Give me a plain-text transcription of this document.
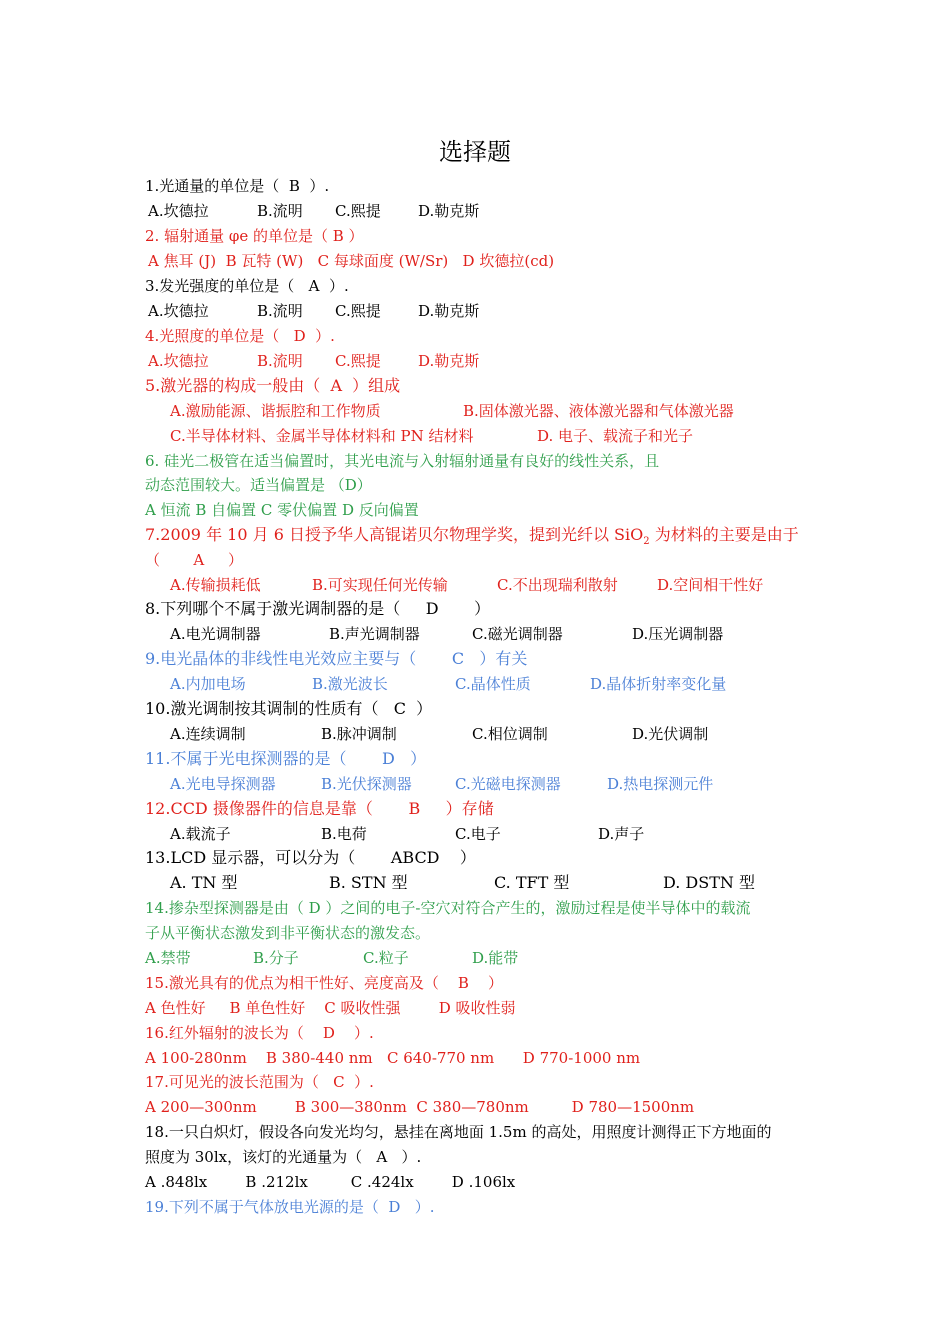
选择题
1.光通量的单位是（  B  ）.
A.坎德拉	B.流明 C.熙提 D.勒克斯
2. 辐射通量 φe 的单位是（ B ）
A 焦耳 (J)  B 瓦特 (W)   C 每球面度 (W/Sr)   D 坎德拉(cd)
3.发光强度的单位是（   A  ）.
A.坎德拉	B.流明 C.熙提 D.勒克斯
4.光照度的单位是（   D  ）.
A.坎德拉	B.流明 C.熙提 D.勒克斯
5.激光器的构成一般由（  A  ）组成
A.激励能源、谐振腔和工作物质	B.固体激光器、液体激光器和气体激光器
C.半导体材料、金属半导体材料和 PN 结材料	D. 电子、载流子和光子
6. 硅光二极管在适当偏置时，其光电流与入射辐射通量有良好的线性关系，且
动态范围较大。适当偏置是 （D）
A 恒流 B 自偏置 C 零伏偏置 D 反向偏置
7.2009 年 10 月 6 日授予华人高锟诺贝尔物理学奖，提到光纤以 SiO$_2$ 为材料的主要是由于
（       A     ）
A.传输损耗低	B.可实现任何光传输	C.不出现瑞利散射	D.空间相干性好
8.下列哪个不属于激光调制器的是（     D       ）
A.电光调制器	B.声光调制器	C.磁光调制器	D.压光调制器
9.电光晶体的非线性电光效应主要与（       C   ）有关
A.内加电场	B.激光波长	C.晶体性质	D.晶体折射率变化量
10.激光调制按其调制的性质有（   C  ）
A.连续调制	B.脉冲调制	C.相位调制	D.光伏调制
11.不属于光电探测器的是（       D   ）
A.光电导探测器	B.光伏探测器	C.光磁电探测器	D.热电探测元件
12.CCD 摄像器件的信息是靠（       B     ）存储
A.载流子	B.电荷	C.电子	D.声子
13.LCD 显示器，可以分为（       ABCD    ）
A. TN 型	B. STN 型	C. TFT 型	D. DSTN 型
14.掺杂型探测器是由（ D ）之间的电子-空穴对符合产生的，激励过程是使半导体中的载流
子从平衡状态激发到非平衡状态的激发态。
A.禁带	B.分子	C.粒子	D.能带
15.激光具有的优点为相干性好、亮度高及（    B    ）
A 色性好     B 单色性好    C 吸收性强        D 吸收性弱
16.红外辐射的波长为（    D    ）.
A 100-280nm    B 380-440 nm   C 640-770 nm      D 770-1000 nm
17.可见光的波长范围为（   C  ）.
A 200—300nm        B 300—380nm  C 380—780nm         D 780—1500nm
18.一只白炽灯，假设各向发光均匀，悬挂在离地面 1.5m 的高处，用照度计测得正下方地面的
照度为 30lx，该灯的光通量为（   A   ）.
A .848lx        B .212lx         C .424lx        D .106lx
19.下列不属于气体放电光源的是（  D   ）.
